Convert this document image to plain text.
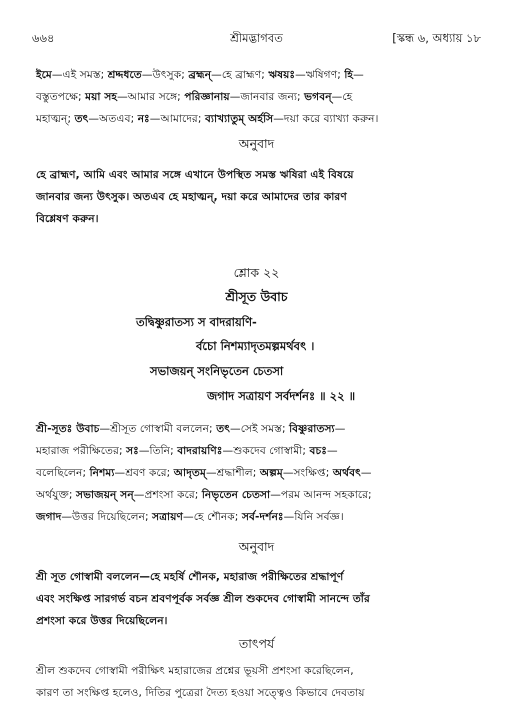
৬৬৪	শ্রীমদ্ভাগবত	[স্কন্ধ ৬, অধ্যায় ১৮
ইমে—এই সমস্ত; শ্রদ্দধতে—উৎসুক; ব্রহ্মন্—হে ব্রাহ্মণ; ঋষয়ঃ—ঋষিগণ; হি—
বস্তুতপক্ষে; ময়া সহ—আমার সঙ্গে; পরিজ্ঞানায়—জানবার জন্য; ভগবন্—হে
মহাত্মন্; তৎ—অতএব; নঃ—আমাদের; ব্যাখ্যাতুম্ অর্হসি—দয়া করে ব্যাখ্যা করুন।
অনুবাদ
হে ব্রাহ্মণ, আমি এবং আমার সঙ্গে এখানে উপস্থিত সমস্ত ঋষিরা এই বিষয়ে
জানবার জন্য উৎসুক। অতএব হে মহাত্মন্, দয়া করে আমাদের তার কারণ
বিশ্লেষণ করুন।
শ্লোক ২২
শ্রীসূত উবাচ
তদ্বিষ্ণুরাতস্য স বাদরায়ণি-
র্বচো নিশম্যাদৃতমল্পমর্থবৎ ।
সভাজয়ন্ সংনিভৃতেন চেতসা
জগাদ সত্রায়ণ সর্বদর্শনঃ ॥ ২২ ॥
শ্রী-সূতঃ উবাচ—শ্রীসূত গোস্বামী বললেন; তৎ—সেই সমস্ত; বিষ্ণুরাতস্য—
মহারাজ পরীক্ষিতের; সঃ—তিনি; বাদরায়ণিঃ—শুকদেব গোস্বামী; বচঃ—
বলেছিলেন; নিশম্য—শ্রবণ করে; আদৃতম্—শ্রদ্ধাশীল; অল্পম্—সংক্ষিপ্ত; অর্থবৎ—
অর্থযুক্ত; সভাজয়ন্ সন্—প্রশংসা করে; নিভৃতেন চেতসা—পরম আনন্দ সহকারে;
জগাদ—উত্তর দিয়েছিলেন; সত্রায়ণ—হে শৌনক; সর্ব-দর্শনঃ—যিনি সর্বজ্ঞ।
অনুবাদ
শ্রী সূত গোস্বামী বললেন—হে মহর্ষি শৌনক, মহারাজ পরীক্ষিতের শ্রদ্ধাপূর্ণ
এবং সংক্ষিপ্ত সারগর্ভ বচন শ্রবণপূর্বক সর্বজ্ঞ শ্রীল শুকদেব গোস্বামী সানন্দে তাঁর
প্রশংসা করে উত্তর দিয়েছিলেন।
তাৎপর্য
শ্রীল শুকদেব গোস্বামী পরীক্ষিৎ মহারাজের প্রশ্নের ভূয়সী প্রশংসা করেছিলেন,
কারণ তা সংক্ষিপ্ত হলেও, দিতির পুত্রেরা দৈত্য হওয়া সত্ত্বেও কিভাবে দেবতায়
